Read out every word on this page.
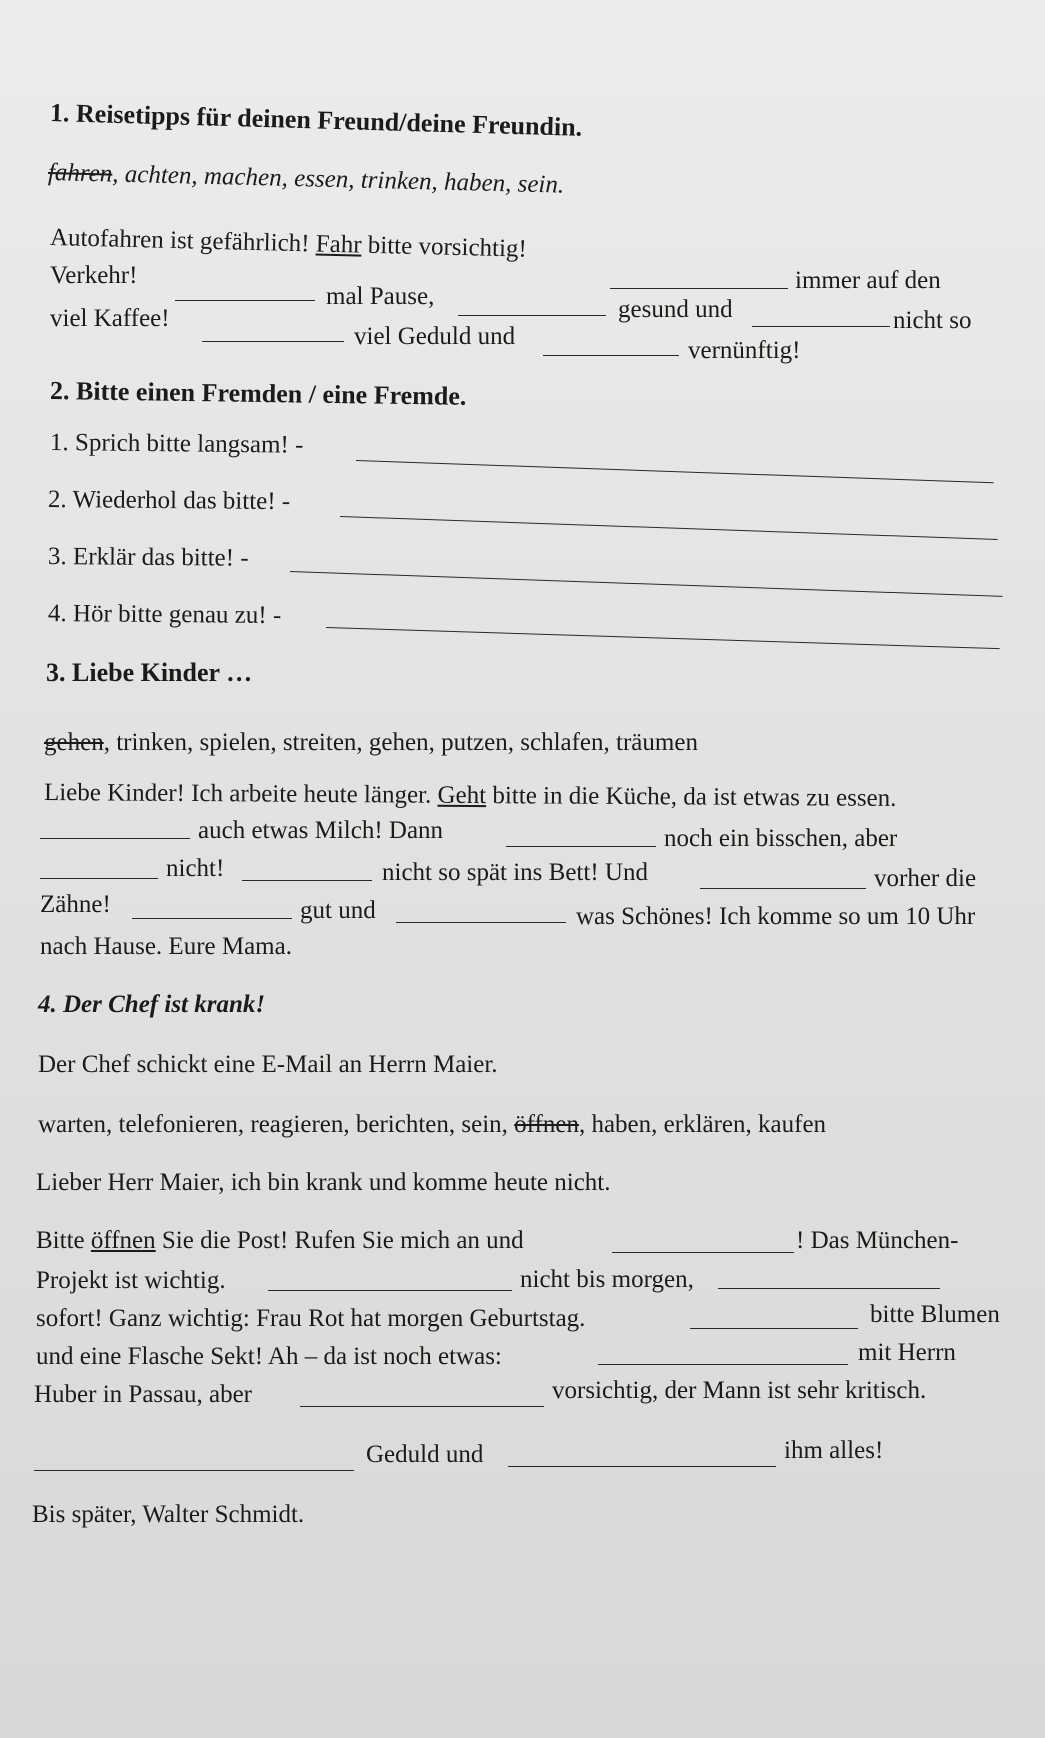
1. Reisetipps für deinen Freund/deine Freundin.
fahren, achten, machen, essen, trinken, haben, sein.
Autofahren ist gefährlich! Fahr bitte vorsichtig!
immer auf den
Verkehr!
mal Pause,	gesund und	nicht so
viel Kaffee!
viel Geduld und
vernünftig!
2. Bitte einen Fremden / eine Fremde.
1. Sprich bitte langsam! -
2. Wiederhol das bitte! -
3. Erklär das bitte! -
4. Hör bitte genau zu! -
3. Liebe Kinder …
gehen, trinken, spielen, streiten, gehen, putzen, schlafen, träumen
Liebe Kinder! Ich arbeite heute länger. Geht bitte in die Küche, da ist etwas zu essen.
auch etwas Milch! Dann	noch ein bisschen, aber
nicht!	nicht so spät ins Bett! Und	vorher die
Zähne!	gut und	was Schönes! Ich komme so um 10 Uhr
nach Hause. Eure Mama.
4. Der Chef ist krank!
Der Chef schickt eine E-Mail an Herrn Maier.
warten, telefonieren, reagieren, berichten, sein, öffnen, haben, erklären, kaufen
Lieber Herr Maier, ich bin krank und komme heute nicht.
Bitte öffnen Sie die Post! Rufen Sie mich an und	! Das München-
Projekt ist wichtig.	nicht bis morgen,
sofort! Ganz wichtig: Frau Rot hat morgen Geburtstag.	bitte Blumen
und eine Flasche Sekt! Ah – da ist noch etwas:	mit Herrn
Huber in Passau, aber	vorsichtig, der Mann ist sehr kritisch.
Geduld und	ihm alles!
Bis später, Walter Schmidt.
